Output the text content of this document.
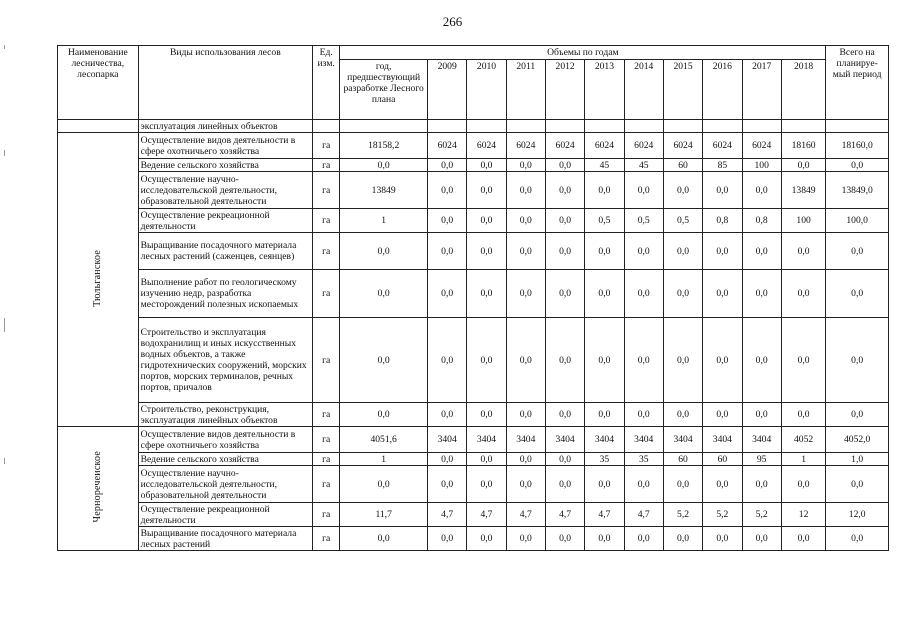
266
Наименование лесничества, лесопарка	Виды использования лесов	Ед. изм.	Объемы по годам											Всего на планируе-мый период
			год, предшествующий разработке Лесного плана	2009	2010	2011	2012	2013	2014	2015	2016	2017	2018	
	эксплуатация линейных объектов													
Тюльганское	Осуществление видов деятельности в сфере охотничьего хозяйства	га	18158,2	6024	6024	6024	6024	6024	6024	6024	6024	6024	18160	18160,0
	Ведение сельского хозяйства	га	0,0	0,0	0,0	0,0	0,0	45	45	60	85	100	0,0	0,0
	Осуществление научно-исследовательской деятельности, образовательной деятельности	га	13849	0,0	0,0	0,0	0,0	0,0	0,0	0,0	0,0	0,0	13849	13849,0
	Осуществление рекреационной деятельности	га	1	0,0	0,0	0,0	0,0	0,5	0,5	0,5	0,8	0,8	100	100,0
	Выращивание посадочного материала лесных растений (саженцев, сеянцев)	га	0,0	0,0	0,0	0,0	0,0	0,0	0,0	0,0	0,0	0,0	0,0	0,0
	Выполнение работ по геологическому изучению недр, разработка месторождений полезных ископаемых	га	0,0	0,0	0,0	0,0	0,0	0,0	0,0	0,0	0,0	0,0	0,0	0,0
	Строительство и эксплуатация водохранилищ и иных искусственных водных объектов, а также гидротехнических сооружений, морских портов, морских терминалов, речных портов, причалов	га	0,0	0,0	0,0	0,0	0,0	0,0	0,0	0,0	0,0	0,0	0,0	0,0
	Строительство, реконструкция, эксплуатация линейных объектов	га	0,0	0,0	0,0	0,0	0,0	0,0	0,0	0,0	0,0	0,0	0,0	0,0
Черноречеиское	Осуществление видов деятельности в сфере охотничьего хозяйства	га	4051,6	3404	3404	3404	3404	3404	3404	3404	3404	3404	4052	4052,0
	Ведение сельского хозяйства	га	1	0,0	0,0	0,0	0,0	35	35	60	60	95	1	1,0
	Осуществление научно-исследовательской деятельности, образовательной деятельности	га	0,0	0,0	0,0	0,0	0,0	0,0	0,0	0,0	0,0	0,0	0,0	0,0
	Осуществление рекреационной деятельности	га	11,7	4,7	4,7	4,7	4,7	4,7	4,7	5,2	5,2	5,2	12	12,0
	Выращивание посадочного материала лесных растений	га	0,0	0,0	0,0	0,0	0,0	0,0	0,0	0,0	0,0	0,0	0,0	0,0
